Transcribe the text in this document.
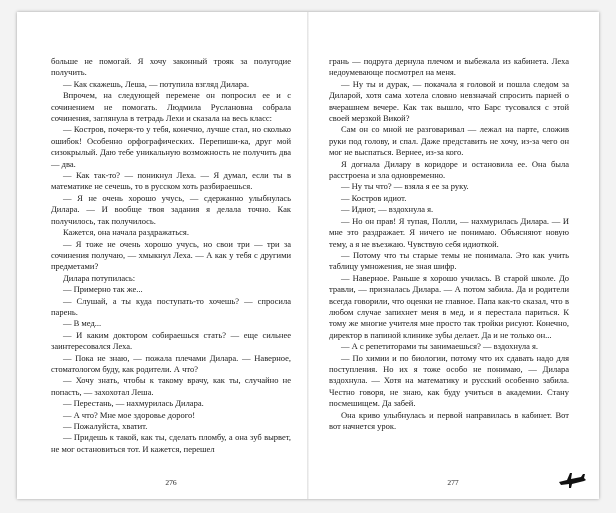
больше не помогай. Я хочу законный трояк за полугодие получить.

— Как скажешь, Леша, — потупила взгляд Дилара.

Впрочем, на следующей перемене он попросил ее и с сочинением не помогать. Людмила Руслановна собрала сочинения, заглянула в тетрадь Лехи и сказала на весь класс:

— Костров, почерк-то у тебя, конечно, лучше стал, но сколько ошибок! Особенно орфографических. Перепиши-ка, друг мой сизокрылый. Даю тебе уникальную возможность не получить два — два.

— Как так-то? — поникнул Леха. — Я думал, если ты в математике не сечешь, то в русском хоть разбираешься.

— Я не очень хорошо учусь, — сдержанно улыбнулась Дилара. — И вообще твоя задания я делала точно. Как получилось, так получилось.

Кажется, она начала раздражаться.

— Я тоже не очень хорошо учусь, но свои три — три за сочинения получаю, — хмыкнул Леха. — А как у тебя с другими предметами?

Дилара потупилась:

— Примерно так же...

— Слушай, а ты куда поступать-то хочешь? — спросила парень.

— В мед...

— И каким доктором собираешься стать? — еще сильнее заинтересовался Леха.

— Пока не знаю, — пожала плечами Дилара. — Наверное, стоматологом буду, как родители. А что?

— Хочу знать, чтобы к такому врачу, как ты, случайно не попасть, — захохотал Леша.

— Перестань, — нахмурилась Дилара.

— А что? Мне мое здоровье дорого!

— Пожалуйста, хватит.

— Придешь к такой, как ты, сделать пломбу, а она зуб вырвет, не мог остановиться тот. И кажется, перешел

276

грань — подруга дернула плечом и выбежала из кабинета. Леха недоумевающе посмотрел на меня.

— Ну ты и дурак, — покачала я головой и пошла следом за Диларой, хотя сама хотела словно невзначай спросить парней о вчерашнем вечере. Как так вышло, что Барс тусовался с этой своей мерзкой Викой?

Сам он со мной не разговаривал — лежал на парте, сложив руки под голову, и спал. Даже представить не хочу, из-за чего он мог не выспаться. Вернее, из-за кого.

Я догнала Дилару в коридоре и остановила ее. Она была расстроена и зла одновременно.

— Ну ты что? — взяла я ее за руку.

— Костров идиот.

— Идиот, — вздохнула я.

— Но он прав! Я тупая, Полли, — нахмурилась Дилара. — И мне это раздражает. Я ничего не понимаю. Объясняют новую тему, а я не въезжаю. Чувствую себя идиоткой.

— Потому что ты старые темы не понимала. Это как учить таблицу умножения, не зная шифр.

— Наверное. Раньше я хорошо училась. В старой школе. До травли, — призналась Дилара. — А потом забила. Да и родители всегда говорили, что оценки не главное. Папа как-то сказал, что в любом случае запихнет меня в мед, и я перестала париться. К тому же многие учителя мне просто так тройки рисуют. Конечно, директор в папиной клинике зубы делает. Да и не только он...

— А с репетиторами ты занимаешься? — вздохнула я.

— По химии и по биологии, потому что их сдавать надо для поступления. Но их я тоже особо не понимаю, — Дилара вздохнула. — Хотя на математику и русский особенно забила. Честно говоря, не знаю, как буду учиться в академии. Стану посмешищем. Да забей.

Она криво улыбнулась и первой направилась в кабинет. Вот вот начнется урок.

277
